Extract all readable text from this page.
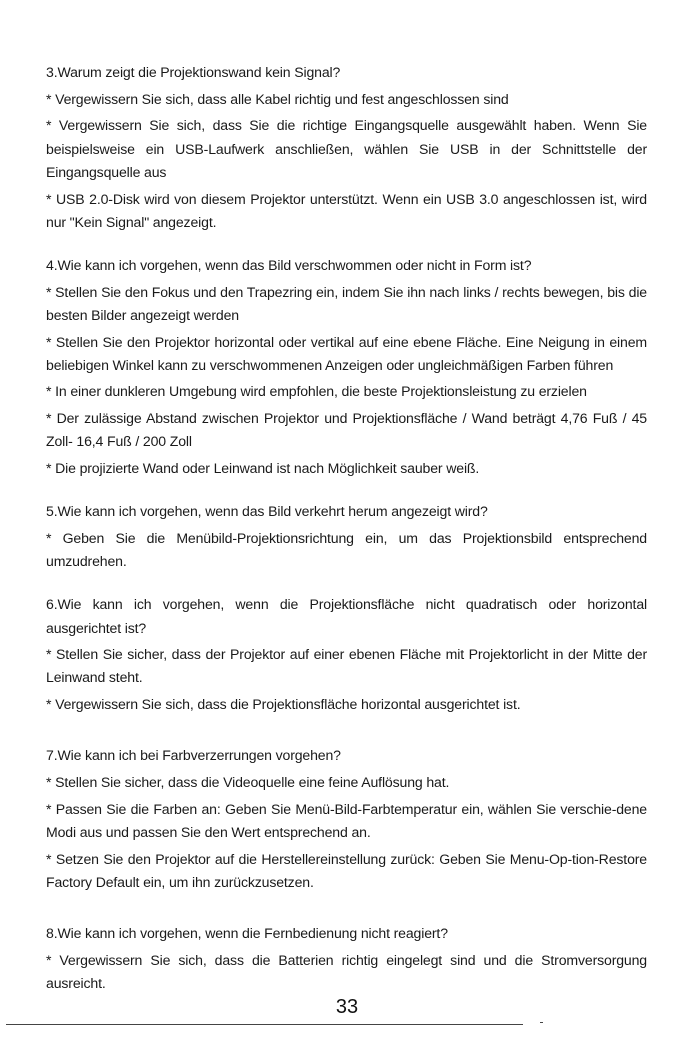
3.Warum zeigt die Projektionswand kein Signal?

* Vergewissern Sie sich, dass alle Kabel richtig und fest angeschlossen sind

* Vergewissern Sie sich, dass Sie die richtige Eingangsquelle ausgewählt haben. Wenn Sie beispielsweise ein USB-Laufwerk anschließen, wählen Sie USB in der Schnittstelle der Eingangsquelle aus

* USB 2.0-Disk wird von diesem Projektor unterstützt. Wenn ein USB 3.0 angeschlossen ist, wird nur "Kein Signal" angezeigt.

4.Wie kann ich vorgehen, wenn das Bild verschwommen oder nicht in Form ist?

* Stellen Sie den Fokus und den Trapezring ein, indem Sie ihn nach links / rechts bewegen, bis die besten Bilder angezeigt werden

* Stellen Sie den Projektor horizontal oder vertikal auf eine ebene Fläche. Eine Neigung in einem beliebigen Winkel kann zu verschwommenen Anzeigen oder ungleichmäßigen Farben führen

* In einer dunkleren Umgebung wird empfohlen, die beste Projektionsleistung zu erzielen

* Der zulässige Abstand zwischen Projektor und Projektionsfläche / Wand beträgt 4,76 Fuß / 45 Zoll- 16,4 Fuß / 200 Zoll

* Die projizierte Wand oder Leinwand ist nach Möglichkeit sauber weiß.

5.Wie kann ich vorgehen, wenn das Bild verkehrt herum angezeigt wird?

* Geben Sie die Menübild-Projektionsrichtung ein, um das Projektionsbild entsprechend umzudrehen.

6.Wie kann ich vorgehen, wenn die Projektionsfläche nicht quadratisch oder horizontal ausgerichtet ist?

* Stellen Sie sicher, dass der Projektor auf einer ebenen Fläche mit Projektorlicht in der Mitte der Leinwand steht.

* Vergewissern Sie sich, dass die Projektionsfläche horizontal ausgerichtet ist.

7.Wie kann ich bei Farbverzerrungen vorgehen?

* Stellen Sie sicher, dass die Videoquelle eine feine Auflösung hat.

* Passen Sie die Farben an: Geben Sie Menü-Bild-Farbtemperatur ein, wählen Sie verschie-dene Modi aus und passen Sie den Wert entsprechend an.

* Setzen Sie den Projektor auf die Herstellereinstellung zurück: Geben Sie Menu-Op-tion-Restore Factory Default ein, um ihn zurückzusetzen.

8.Wie kann ich vorgehen, wenn die Fernbedienung nicht reagiert?

* Vergewissern Sie sich, dass die Batterien richtig eingelegt sind und die Stromversorgung ausreicht.

33
